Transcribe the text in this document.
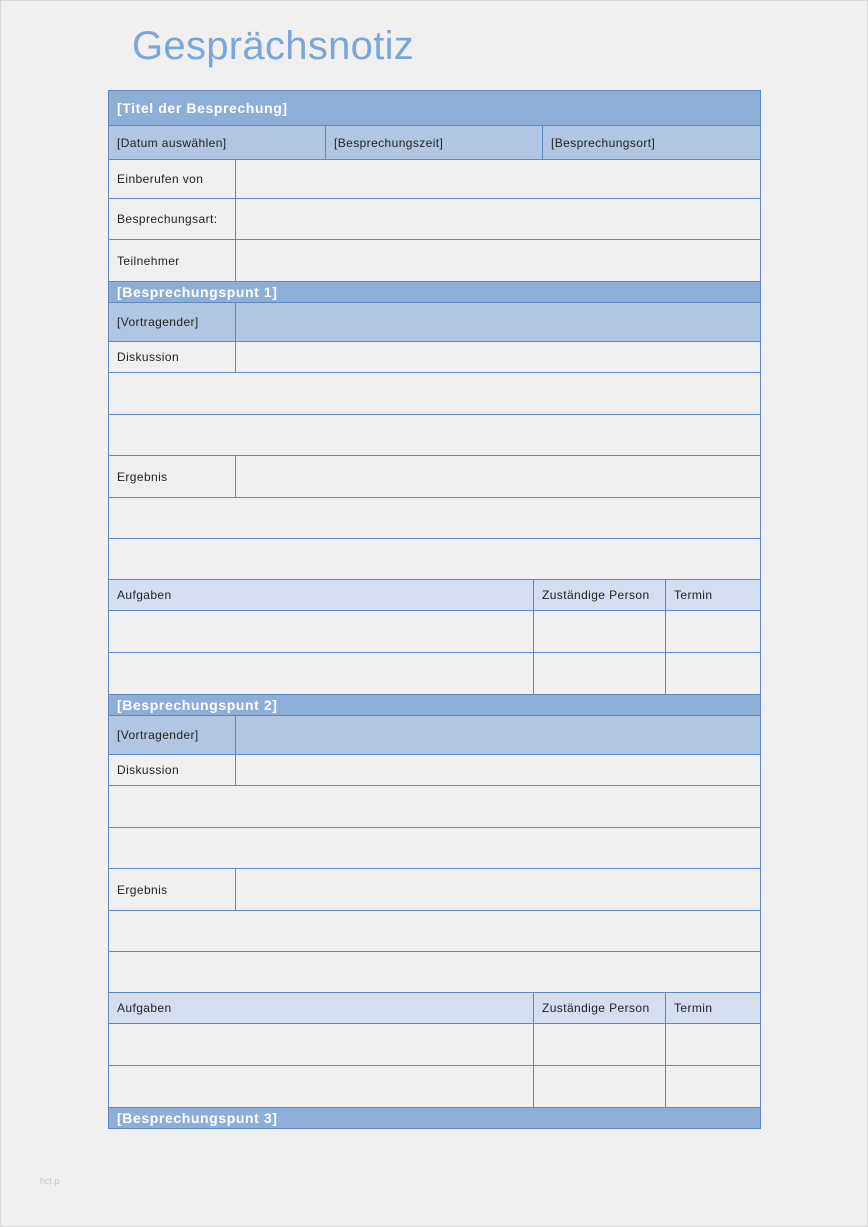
Gesprächsnotiz
[Titel der Besprechung]
[Datum auswählen]	[Besprechungszeit]	[Besprechungsort]
Einberufen von
Besprechungsart:
Teilnehmer
[Besprechungspunt 1]
[Vortragender]
Diskussion
Ergebnis
Aufgaben	Zuständige Person	Termin
[Besprechungspunt 2]
[Vortragender]
Diskussion
Ergebnis
Aufgaben	Zuständige Person	Termin
[Besprechungspunt 3]
hct.p
